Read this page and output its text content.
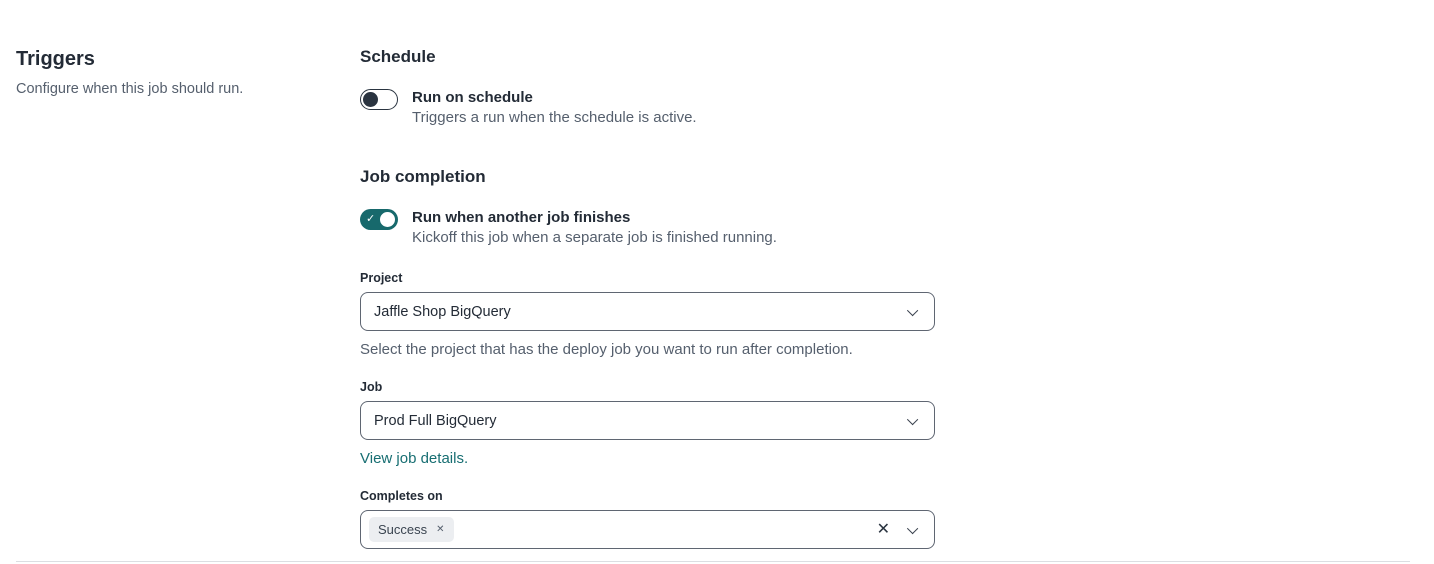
Triggers
Configure when this job should run.
Schedule
Run on schedule
Triggers a run when the schedule is active.
Job completion
✓ Run when another job finishes
Kickoff this job when a separate job is finished running.
Project
Jaffle Shop BigQuery
Select the project that has the deploy job you want to run after completion.
Job
Prod Full BigQuery
View job details.
Completes on
Success ✕	✕
